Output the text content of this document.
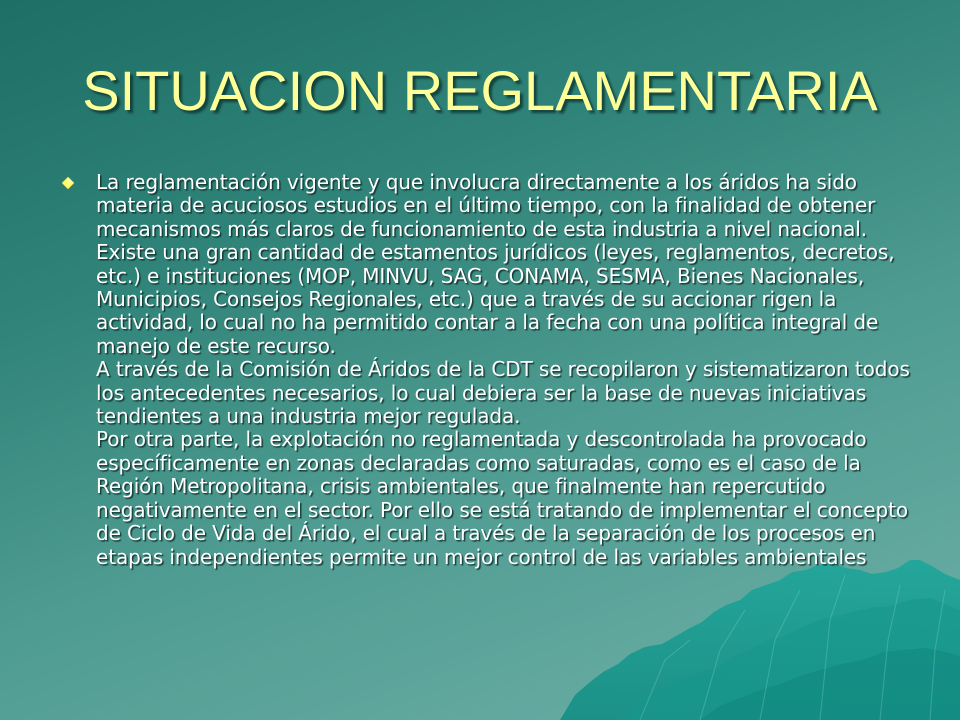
SITUACION REGLAMENTARIA

La reglamentación vigente y que involucra directamente a los áridos ha sido materia de acuciosos estudios en el último tiempo, con la finalidad de obtener mecanismos más claros de funcionamiento de esta industria a nivel nacional. Existe una gran cantidad de estamentos jurídicos (leyes, reglamentos, decretos, etc.) e instituciones (MOP, MINVU, SAG, CONAMA, SESMA, Bienes Nacionales, Municipios, Consejos Regionales, etc.) que a través de su accionar rigen la actividad, lo cual no ha permitido contar a la fecha con una política integral de manejo de este recurso.

A través de la Comisión de Áridos de la CDT se recopilaron y sistematizaron todos los antecedentes necesarios, lo cual debiera ser la base de nuevas iniciativas tendientes a una industria mejor regulada.

Por otra parte, la explotación no reglamentada y descontrolada ha provocado específicamente en zonas declaradas como saturadas, como es el caso de la Región Metropolitana, crisis ambientales, que finalmente han repercutido negativamente en el sector. Por ello se está tratando de implementar el concepto de Ciclo de Vida del Árido, el cual a través de la separación de los procesos en etapas independientes permite un mejor control de las variables ambientales
